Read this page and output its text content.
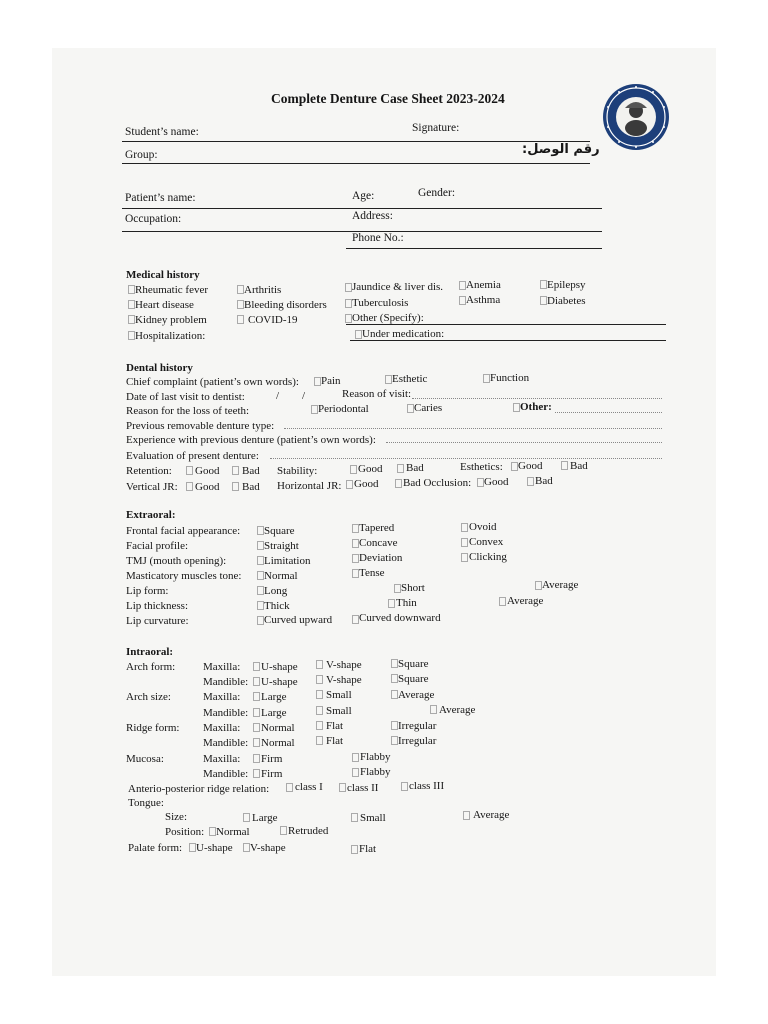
Complete Denture Case Sheet 2023-2024
Student’s name:	Signature:
Group:	رقم الوصل:
Patient’s name:	Age:	Gender:
Occupation:	Address:
Phone No.:
Medical history
Rheumatic fever	Arthritis	Jaundice & liver dis. Anemia	Epilepsy
Heart disease	Bleeding disorders Tuberculosis	Asthma	Diabetes
Kidney problem	COVID-19	Other (Specify):
Hospitalization:	Under medication:
Dental history
Chief complaint (patient’s own words): Pain	Esthetic	Function
Date of last visit to dentist:	/ /	Reason of visit:
Reason for the loss of teeth:	Periodontal	Caries	Other:
Previous removable denture type:
Experience with previous denture (patient’s own words):
Evaluation of present denture:
Retention: Good Bad Stability:	Good Bad	Esthetics: Good	Bad
Vertical JR: Good Bad Horizontal JR: Good Bad Occlusion: Good Bad
Extraoral:
Frontal facial appearance: Square	Tapered	Ovoid
Facial profile:	Straight	Concave	Convex
TMJ (mouth opening):	Limitation	Deviation	Clicking
Masticatory muscles tone: Normal	Tense
Lip form:	Long	Short	Average
Lip thickness:	Thick	Thin	Average
Lip curvature:	Curved upward Curved downward
Intraoral:
Arch form:	Maxilla: U-shape	V-shape	Square
Mandible: U-shape	V-shape	Square
Arch size:	Maxilla: Large	Small	Average
Mandible: Large	Small	Average
Ridge form: Maxilla: Normal	Flat	Irregular
Mandible: Normal	Flat	Irregular
Mucosa:	Maxilla: Firm	Flabby
Mandible: Firm	Flabby
Anterio-posterior ridge relation: class I class II	class III
Tongue:
Size:	Large	Small	Average
Position: Normal	Retruded
Palate form: U-shape V-shape	Flat
